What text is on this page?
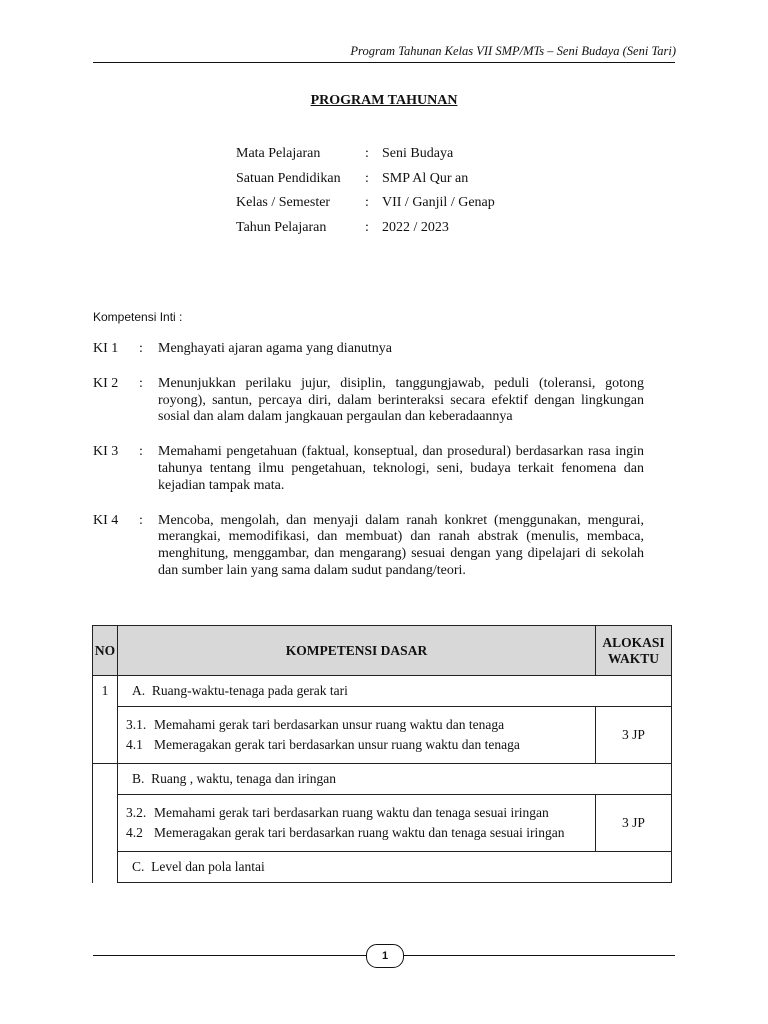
Program Tahunan Kelas VII SMP/MTs – Seni Budaya (Seni Tari)
PROGRAM TAHUNAN
Mata Pelajaran	: Seni Budaya
Satuan Pendidikan	: SMP Al Qur an
Kelas / Semester	: VII / Ganjil / Genap
Tahun Pelajaran	: 2022 / 2023
Kompetensi Inti :
KI 1	:	Menghayati ajaran agama yang dianutnya
KI 2	:	Menunjukkan perilaku jujur, disiplin, tanggungjawab, peduli (toleransi, gotong royong), santun, percaya diri, dalam berinteraksi secara efektif dengan lingkungan sosial dan alam dalam jangkauan pergaulan dan keberadaannya
KI 3	:	Memahami pengetahuan (faktual, konseptual, dan prosedural) berdasarkan rasa ingin tahunya tentang ilmu pengetahuan, teknologi, seni, budaya terkait fenomena dan kejadian tampak mata.
KI 4	:	Mencoba, mengolah, dan menyaji dalam ranah konkret (menggunakan, mengurai, merangkai, memodifikasi, dan membuat) dan ranah abstrak (menulis, membaca, menghitung, menggambar, dan mengarang) sesuai dengan yang dipelajari di sekolah dan sumber lain yang sama dalam sudut pandang/teori.
NO	KOMPETENSI DASAR	ALOKASI
WAKTU

1	A. Ruang-waktu-tenaga pada gerak tari	

	3.1. Memahami gerak tari berdasarkan unsur ruang waktu dan tenaga
4.1 Memeragakan gerak tari berdasarkan unsur ruang waktu dan tenaga	3 JP
	B. Ruang , waktu, tenaga dan iringan	

	3.2. Memahami gerak tari berdasarkan ruang waktu dan tenaga sesuai iringan
4.2 Memeragakan gerak tari berdasarkan ruang waktu dan tenaga sesuai iringan	3 JP
	C. Level dan pola lantai	
1
